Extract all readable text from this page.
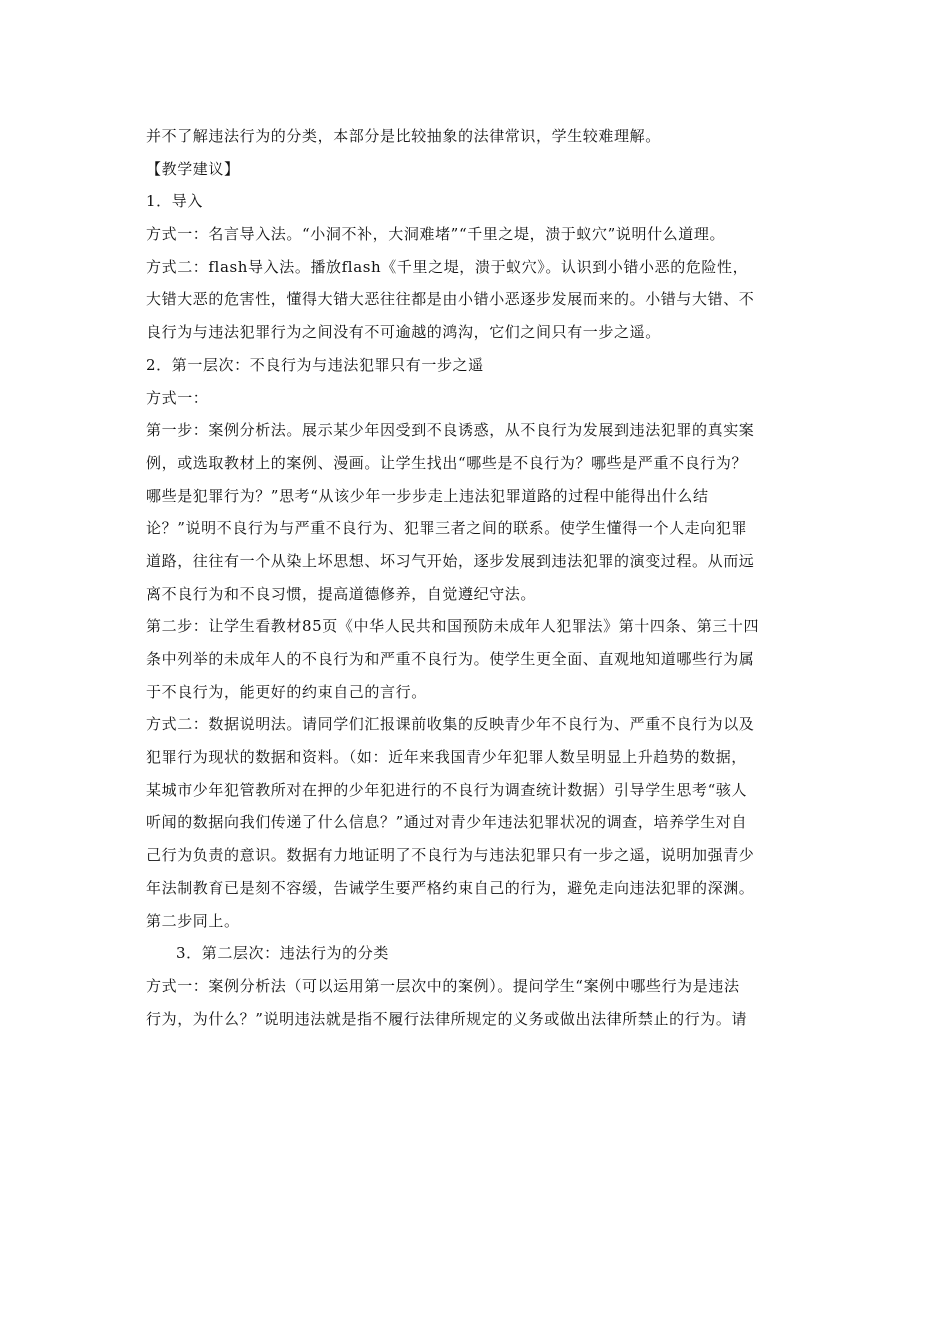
并不了解违法行为的分类，本部分是比较抽象的法律常识，学生较难理解。
【教学建议】
1．导入
方式一：名言导入法。“小洞不补，大洞难堵”“千里之堤，溃于蚁穴”说明什么道理。
方式二：flash导入法。播放flash《千里之堤，溃于蚁穴》。认识到小错小恶的危险性，
大错大恶的危害性，懂得大错大恶往往都是由小错小恶逐步发展而来的。小错与大错、不
良行为与违法犯罪行为之间没有不可逾越的鸿沟，它们之间只有一步之遥。
2．第一层次：不良行为与违法犯罪只有一步之遥
方式一：
第一步：案例分析法。展示某少年因受到不良诱惑，从不良行为发展到违法犯罪的真实案
例，或选取教材上的案例、漫画。让学生找出“哪些是不良行为？哪些是严重不良行为？
哪些是犯罪行为？”思考“从该少年一步步走上违法犯罪道路的过程中能得出什么结
论？”说明不良行为与严重不良行为、犯罪三者之间的联系。使学生懂得一个人走向犯罪
道路，往往有一个从染上坏思想、坏习气开始，逐步发展到违法犯罪的演变过程。从而远
离不良行为和不良习惯，提高道德修养，自觉遵纪守法。
第二步：让学生看教材85页《中华人民共和国预防未成年人犯罪法》第十四条、第三十四
条中列举的未成年人的不良行为和严重不良行为。使学生更全面、直观地知道哪些行为属
于不良行为，能更好的约束自己的言行。
方式二：数据说明法。请同学们汇报课前收集的反映青少年不良行为、严重不良行为以及
犯罪行为现状的数据和资料。（如：近年来我国青少年犯罪人数呈明显上升趋势的数据，
某城市少年犯管教所对在押的少年犯进行的不良行为调查统计数据）引导学生思考“骇人
听闻的数据向我们传递了什么信息？”通过对青少年违法犯罪状况的调查，培养学生对自
己行为负责的意识。数据有力地证明了不良行为与违法犯罪只有一步之遥，说明加强青少
年法制教育已是刻不容缓，告诫学生要严格约束自己的行为，避免走向违法犯罪的深渊。
第二步同上。
3．第二层次：违法行为的分类
方式一：案例分析法（可以运用第一层次中的案例）。提问学生“案例中哪些行为是违法
行为，为什么？”说明违法就是指不履行法律所规定的义务或做出法律所禁止的行为。请
